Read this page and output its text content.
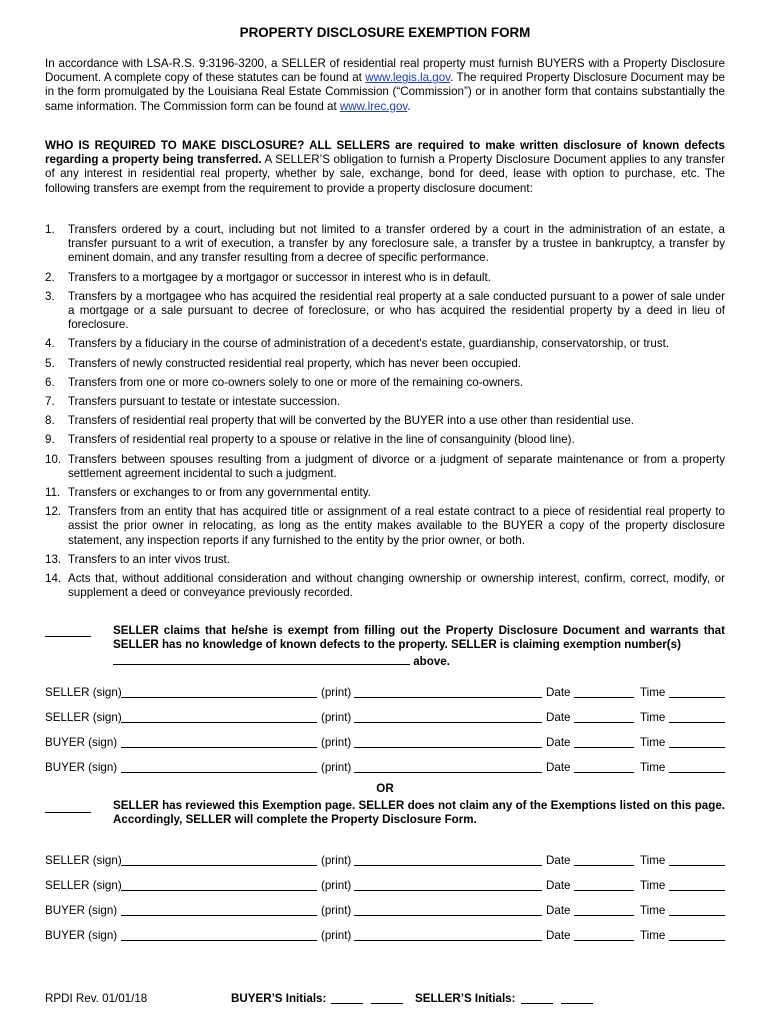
PROPERTY DISCLOSURE EXEMPTION FORM
In accordance with LSA-R.S. 9:3196-3200, a SELLER of residential real property must furnish BUYERS with a Property Disclosure Document. A complete copy of these statutes can be found at www.legis.la.gov. The required Property Disclosure Document may be in the form promulgated by the Louisiana Real Estate Commission (“Commission”) or in another form that contains substantially the same information. The Commission form can be found at www.lrec.gov.
WHO IS REQUIRED TO MAKE DISCLOSURE? ALL SELLERS are required to make written disclosure of known defects regarding a property being transferred. A SELLER’S obligation to furnish a Property Disclosure Document applies to any transfer of any interest in residential real property, whether by sale, exchange, bond for deed, lease with option to purchase, etc. The following transfers are exempt from the requirement to provide a property disclosure document:
1.	Transfers ordered by a court, including but not limited to a transfer ordered by a court in the administration of an estate, a transfer pursuant to a writ of execution, a transfer by any foreclosure sale, a transfer by a trustee in bankruptcy, a transfer by eminent domain, and any transfer resulting from a decree of specific performance.
2.	Transfers to a mortgagee by a mortgagor or successor in interest who is in default.
3.	Transfers by a mortgagee who has acquired the residential real property at a sale conducted pursuant to a power of sale under a mortgage or a sale pursuant to decree of foreclosure, or who has acquired the residential property by a deed in lieu of foreclosure.
4.	Transfers by a fiduciary in the course of administration of a decedent's estate, guardianship, conservatorship, or trust.
5.	Transfers of newly constructed residential real property, which has never been occupied.
6.	Transfers from one or more co-owners solely to one or more of the remaining co-owners.
7.	Transfers pursuant to testate or intestate succession.
8.	Transfers of residential real property that will be converted by the BUYER into a use other than residential use.
9.	Transfers of residential real property to a spouse or relative in the line of consanguinity (blood line).
10. Transfers between spouses resulting from a judgment of divorce or a judgment of separate maintenance or from a property settlement agreement incidental to such a judgment.
11. Transfers or exchanges to or from any governmental entity.
12. Transfers from an entity that has acquired title or assignment of a real estate contract to a piece of residential real property to assist the prior owner in relocating, as long as the entity makes available to the BUYER a copy of the property disclosure statement, any inspection reports if any furnished to the entity by the prior owner, or both.
13. Transfers to an inter vivos trust.
14. Acts that, without additional consideration and without changing ownership or ownership interest, confirm, correct, modify, or supplement a deed or conveyance previously recorded.
SELLER claims that he/she is exempt from filling out the Property Disclosure Document and warrants that SELLER has no knowledge of known defects to the property. SELLER is claiming exemption number(s)
above.
SELLER (sign)	(print)	Date	Time
SELLER (sign)	(print)	Date	Time
BUYER (sign)	(print)	Date	Time
BUYER (sign)	(print)	Date	Time
OR
SELLER has reviewed this Exemption page. SELLER does not claim any of the Exemptions listed on this page. Accordingly, SELLER will complete the Property Disclosure Form.
SELLER (sign)	(print)	Date	Time
SELLER (sign)	(print)	Date	Time
BUYER (sign)	(print)	Date	Time
BUYER (sign)	(print)	Date	Time
RPDI Rev. 01/01/18	BUYER’S Initials:	SELLER’S Initials:
